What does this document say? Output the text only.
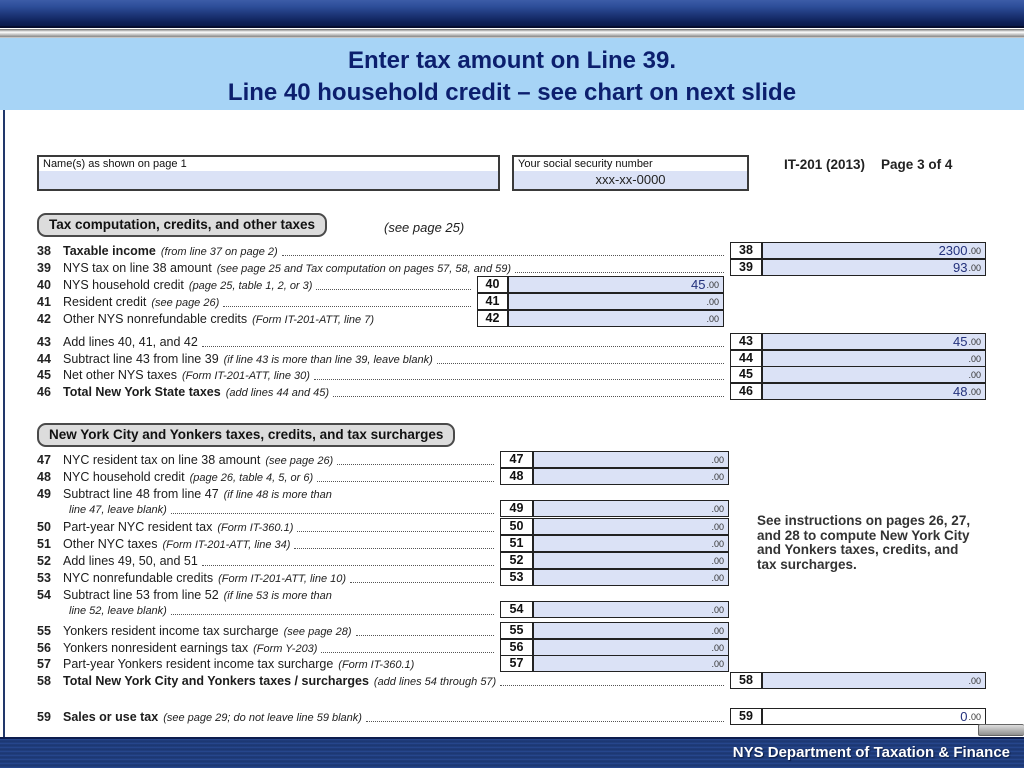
Enter tax amount on Line 39.
Line 40 household credit – see chart on next slide
Name(s) as shown on page 1	Your social security number
xxx-xx-0000
IT-201 (2013) Page 3 of 4
Tax computation, credits, and other taxes	(see page 25)
New York City and Yonkers taxes, credits, and tax surcharges
38 Taxable income (from line 37 on page 2)	38	2300 .00
39 NYS tax on line 38 amount (see page 25 and Tax computation on pages 57, 58, and 59)	39	93 .00
40 NYS household credit (page 25, table 1, 2, or 3)	40	45 .00
41 Resident credit (see page 26)	41	.00
42 Other NYS nonrefundable credits (Form IT-201-ATT, line 7)	42	.00
43 Add lines 40, 41, and 42	43	45 .00
44 Subtract line 43 from line 39 (if line 43 is more than line 39, leave blank)	44	.00
45 Net other NYS taxes (Form IT-201-ATT, line 30)	45	.00
46 Total New York State taxes (add lines 44 and 45)	46	48 .00
47 NYC resident tax on line 38 amount (see page 26)	47	.00
48 NYC household credit (page 26, table 4, 5, or 6)	48	.00
49 Subtract line 48 from line 47 (if line 48 is more than
line 47, leave blank)	49	.00
50 Part-year NYC resident tax (Form IT-360.1)	50	.00
51 Other NYC taxes (Form IT-201-ATT, line 34)	51	.00
52 Add lines 49, 50, and 51	52	.00
53 NYC nonrefundable credits (Form IT-201-ATT, line 10)	53	.00
54 Subtract line 53 from line 52 (if line 53 is more than
line 52, leave blank)	54	.00
55 Yonkers resident income tax surcharge (see page 28)	55	.00
56 Yonkers nonresident earnings tax (Form Y-203)	56	.00
57 Part-year Yonkers resident income tax surcharge (Form IT-360.1)	57	.00
58 Total New York City and Yonkers taxes / surcharges (add lines 54 through 57)	58	.00
59 Sales or use tax (see page 29; do not leave line 59 blank)	59	0 .00
See instructions on pages 26, 27, and 28 to compute New York City and Yonkers taxes, credits, and tax surcharges.
NYS Department of Taxation & Finance
